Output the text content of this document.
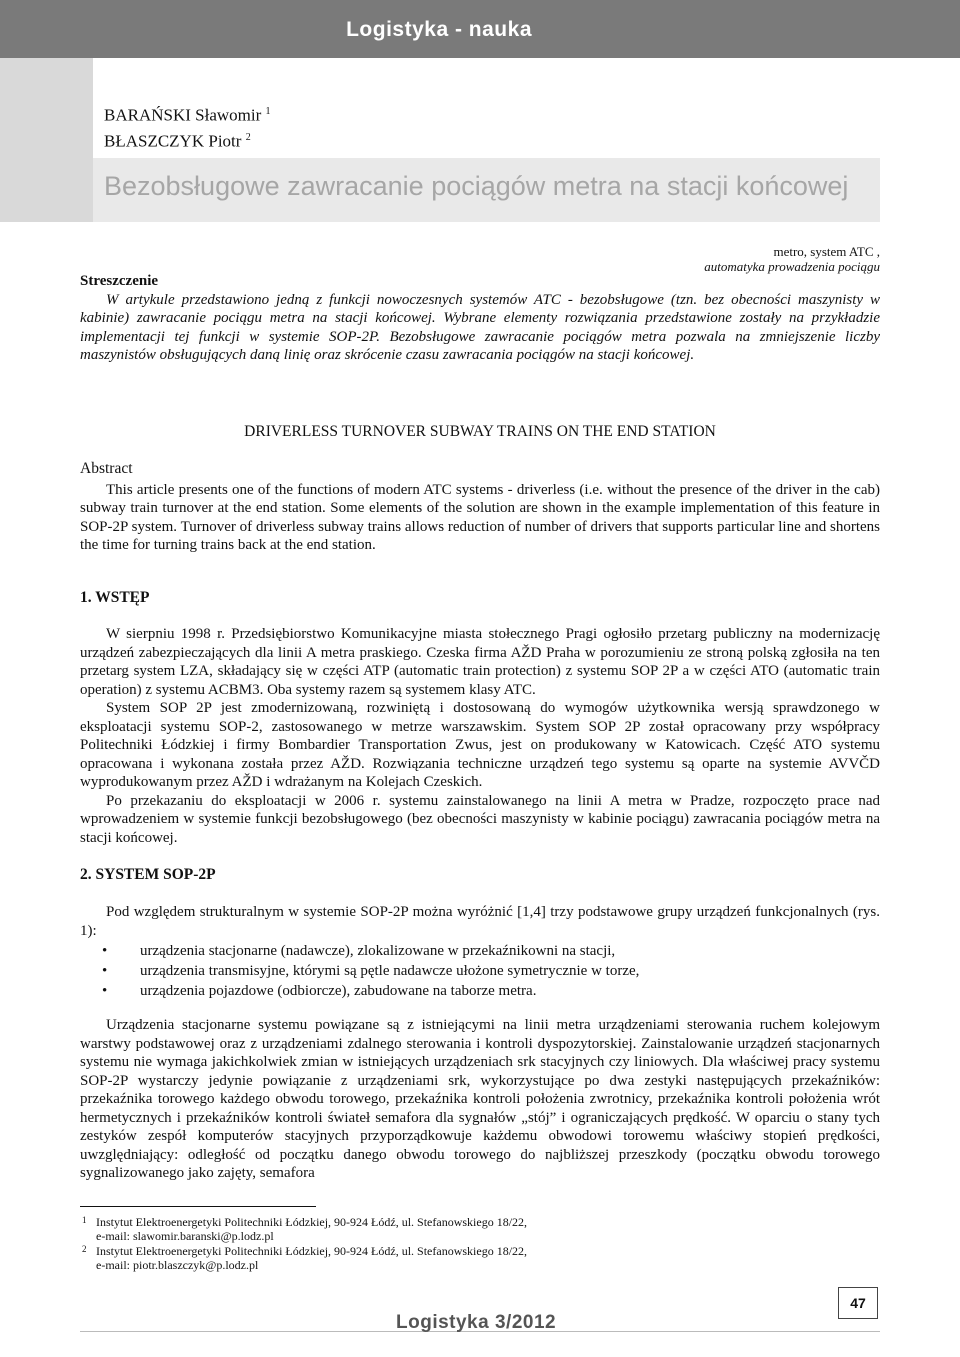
Logistyka - nauka
BARAŃSKI Sławomir $^1$
BŁASZCZYK Piotr $^2$
Bezobsługowe zawracanie pociągów metra na stacji końcowej
metro, system ATC ,
automatyka prowadzenia pociągu
Streszczenie
W artykule przedstawiono jedną z funkcji nowoczesnych systemów ATC - bezobsługowe (tzn. bez obecności maszynisty w kabinie) zawracanie pociągu metra na stacji końcowej. Wybrane elementy rozwiązania przedstawione zostały na przykładzie implementacji tej funkcji w systemie SOP-2P. Bezobsługowe zawracanie pociągów metra pozwala na zmniejszenie liczby maszynistów obsługujących daną linię oraz skrócenie czasu zawracania pociągów na stacji końcowej.
DRIVERLESS TURNOVER SUBWAY TRAINS ON THE END STATION
Abstract
This article presents one of the functions of modern ATC systems - driverless (i.e. without the presence of the driver in the cab) subway train turnover at the end station. Some elements of the solution are shown in the example implementation of this feature in SOP-2P system. Turnover of driverless subway trains allows reduction of number of drivers that supports particular line and shortens the time for turning trains back at the end station.
1. WSTĘP

W sierpniu 1998 r. Przedsiębiorstwo Komunikacyjne miasta stołecznego Pragi ogłosiło przetarg publiczny na modernizację urządzeń zabezpieczających dla linii A metra praskiego. Czeska firma AŽD Praha w porozumieniu ze stroną polską zgłosiła na ten przetarg system LZA, składający się w części ATP (automatic train protection) z systemu SOP 2P a w części ATO (automatic train operation) z systemu ACBM3. Oba systemy razem są systemem klasy ATC.

System SOP 2P jest zmodernizowaną, rozwiniętą i dostosowaną do wymogów użytkownika wersją sprawdzonego w eksploatacji systemu SOP-2, zastosowanego w metrze warszawskim. System SOP 2P został opracowany przy współpracy Politechniki Łódzkiej i firmy Bombardier Transportation Zwus, jest on produkowany w Katowicach. Część ATO systemu opracowana i wykonana została przez AŽD. Rozwiązania techniczne urządzeń tego systemu są oparte na systemie AVVČD wyprodukowanym przez AŽD i wdrażanym na Kolejach Czeskich.

Po przekazaniu do eksploatacji w 2006 r. systemu zainstalowanego na linii A metra w Pradze, rozpoczęto prace nad wprowadzeniem w systemie funkcji bezobsługowego (bez obecności maszynisty w kabinie pociągu) zawracania pociągów metra na stacji końcowej.

2. SYSTEM SOP-2P
Pod względem strukturalnym w systemie SOP-2P można wyróżnić [1,4] trzy podstawowe grupy urządzeń funkcjonalnych (rys. 1):
• urządzenia stacjonarne (nadawcze), zlokalizowane w przekaźnikowni na stacji,
• urządzenia transmisyjne, którymi są pętle nadawcze ułożone symetrycznie w torze,
• urządzenia pojazdowe (odbiorcze), zabudowane na taborze metra.
Urządzenia stacjonarne systemu powiązane są z istniejącymi na linii metra urządzeniami sterowania ruchem kolejowym warstwy podstawowej oraz z urządzeniami zdalnego sterowania i kontroli dyspozytorskiej. Zainstalowanie urządzeń stacjonarnych systemu nie wymaga jakichkolwiek zmian w istniejących urządzeniach srk stacyjnych czy liniowych. Dla właściwej pracy systemu SOP-2P wystarczy jedynie powiązanie z urządzeniami srk, wykorzystujące po dwa zestyki następujących przekaźników: przekaźnika torowego każdego obwodu torowego, przekaźnika kontroli położenia zwrotnicy, przekaźnika kontroli położenia wrót hermetycznych i przekaźników kontroli świateł semafora dla sygnałów „stój” i ograniczających prędkość. W oparciu o stany tych zestyków zespół komputerów stacyjnych przyporządkowuje każdemu obwodowi torowemu właściwy stopień prędkości, uwzględniający: odległość od początku danego obwodu torowego do najbliższej przeszkody (początku obwodu torowego sygnalizowanego jako zajęty, semafora
1 Instytut Elektroenergetyki Politechniki Łódzkiej, 90-924 Łódź, ul. Stefanowskiego 18/22,
e-mail: slawomir.baranski@p.lodz.pl
2 Instytut Elektroenergetyki Politechniki Łódzkiej, 90-924 Łódź, ul. Stefanowskiego 18/22,
e-mail: piotr.blaszczyk@p.lodz.pl
47
Logistyka 3/2012
